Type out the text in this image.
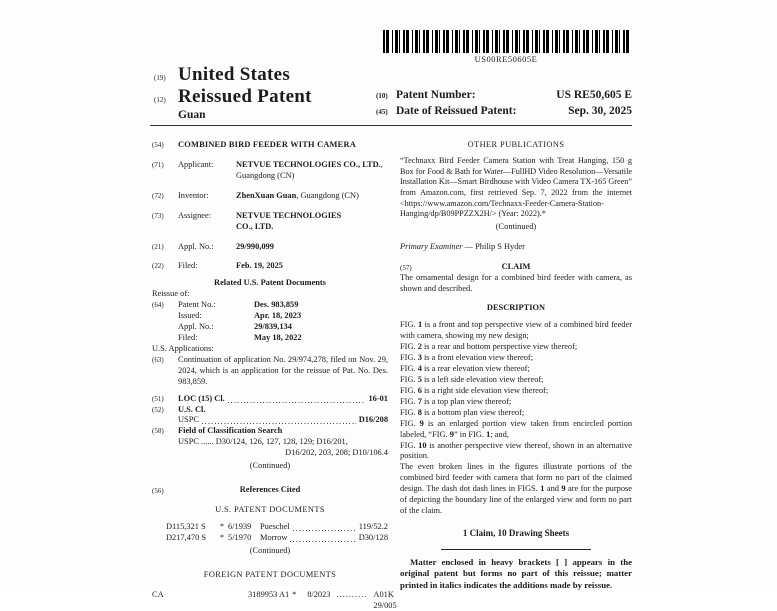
US00RE50605E
(19) United States
(12) Reissued Patent
Guan
(10) Patent Number:	US RE50,605 E
(45) Date of Reissued Patent:	Sep. 30, 2025
(54)	COMBINED BIRD FEEDER WITH CAMERA
(71)	Applicant:	NETVUE TECHNOLOGIES CO., LTD., Guangdong (CN)
(72)	Inventor:	ZhenXuan Guan, Guangdong (CN)
(73)	Assignee:	NETVUE TECHNOLOGIES CO., LTD.
(21)	Appl. No.:	29/990,099
(22)	Filed:	Feb. 19, 2025
Related U.S. Patent Documents
Reissue of:
(64)	Patent No.:	Des. 983,859
Issued:	Apr. 18, 2023
Appl. No.:	29/839,134
Filed:	May 18, 2022
U.S. Applications:
(63)	Continuation of application No. 29/974,278, filed on Nov. 29, 2024, which is an application for the reissue of Pat. No. Des. 983,859.
(51)	LOC (15) Cl.	16-01
(52)	U.S. Cl.
USPC	D16/208
(58)	Field of Classification Search
USPC ...... D30/124, 126, 127, 128, 129; D16/201,
D16/202, 203, 208; D10/106.4
(Continued)
(56)	References Cited
U.S. PATENT DOCUMENTS
D115,321 S	* 6/1939	Pueschel	119/52.2
D217,470 S	* 5/1970	Morrow	D30/128
(Continued)
FOREIGN PATENT DOCUMENTS
CA	3189953 A1 *	8/2023 .......... A01K 29/005
OTHER PUBLICATIONS
“Technaxx Bird Feeder Camera Station with Treat Hanging, 150 g Box for Food & Bath for Water—FullHD Video Resolution—Versatile Installation Kit—Smart Birdhouse with Video Camera TX-165 Green” from Amazon.com, first retrieved Sep. 7, 2022 from the internet <https://www.amazon.com/Technaxx-Feeder-Camera-Station-Hanging/dp/B09PPZZX2H/> (Year: 2022).*
(Continued)
Primary Examiner — Philip S Hyder
(57)	CLAIM
The ornamental design for a combined bird feeder with camera, as shown and described.
DESCRIPTION

FIG. 1 is a front and top perspective view of a combined bird feeder with camera, showing my new design;

FIG. 2 is a rear and bottom perspective view thereof;

FIG. 3 is a front elevation view thereof;

FIG. 4 is a rear elevation view thereof;

FIG. 5 is a left side elevation view thereof;

FIG. 6 is a right side elevation view thereof;

FIG. 7 is a top plan view thereof;

FIG. 8 is a bottom plan view thereof;

FIG. 9 is an enlarged portion view taken from encircled portion labeled, “FIG. 9” in FIG. 1; and,

FIG. 10 is another perspective view thereof, shown in an alternative position.

The even broken lines in the figures illustrate portions of the combined bird feeder with camera that form no part of the claimed design. The dash dot dash lines in FIGS. 1 and 9 are for the purpose of depicting the boundary line of the enlarged view and form no part of the claim.

1 Claim, 10 Drawing Sheets
Matter enclosed in heavy brackets [ ] appears in the original patent but forms no part of this reissue; matter printed in italics indicates the additions made by reissue.
